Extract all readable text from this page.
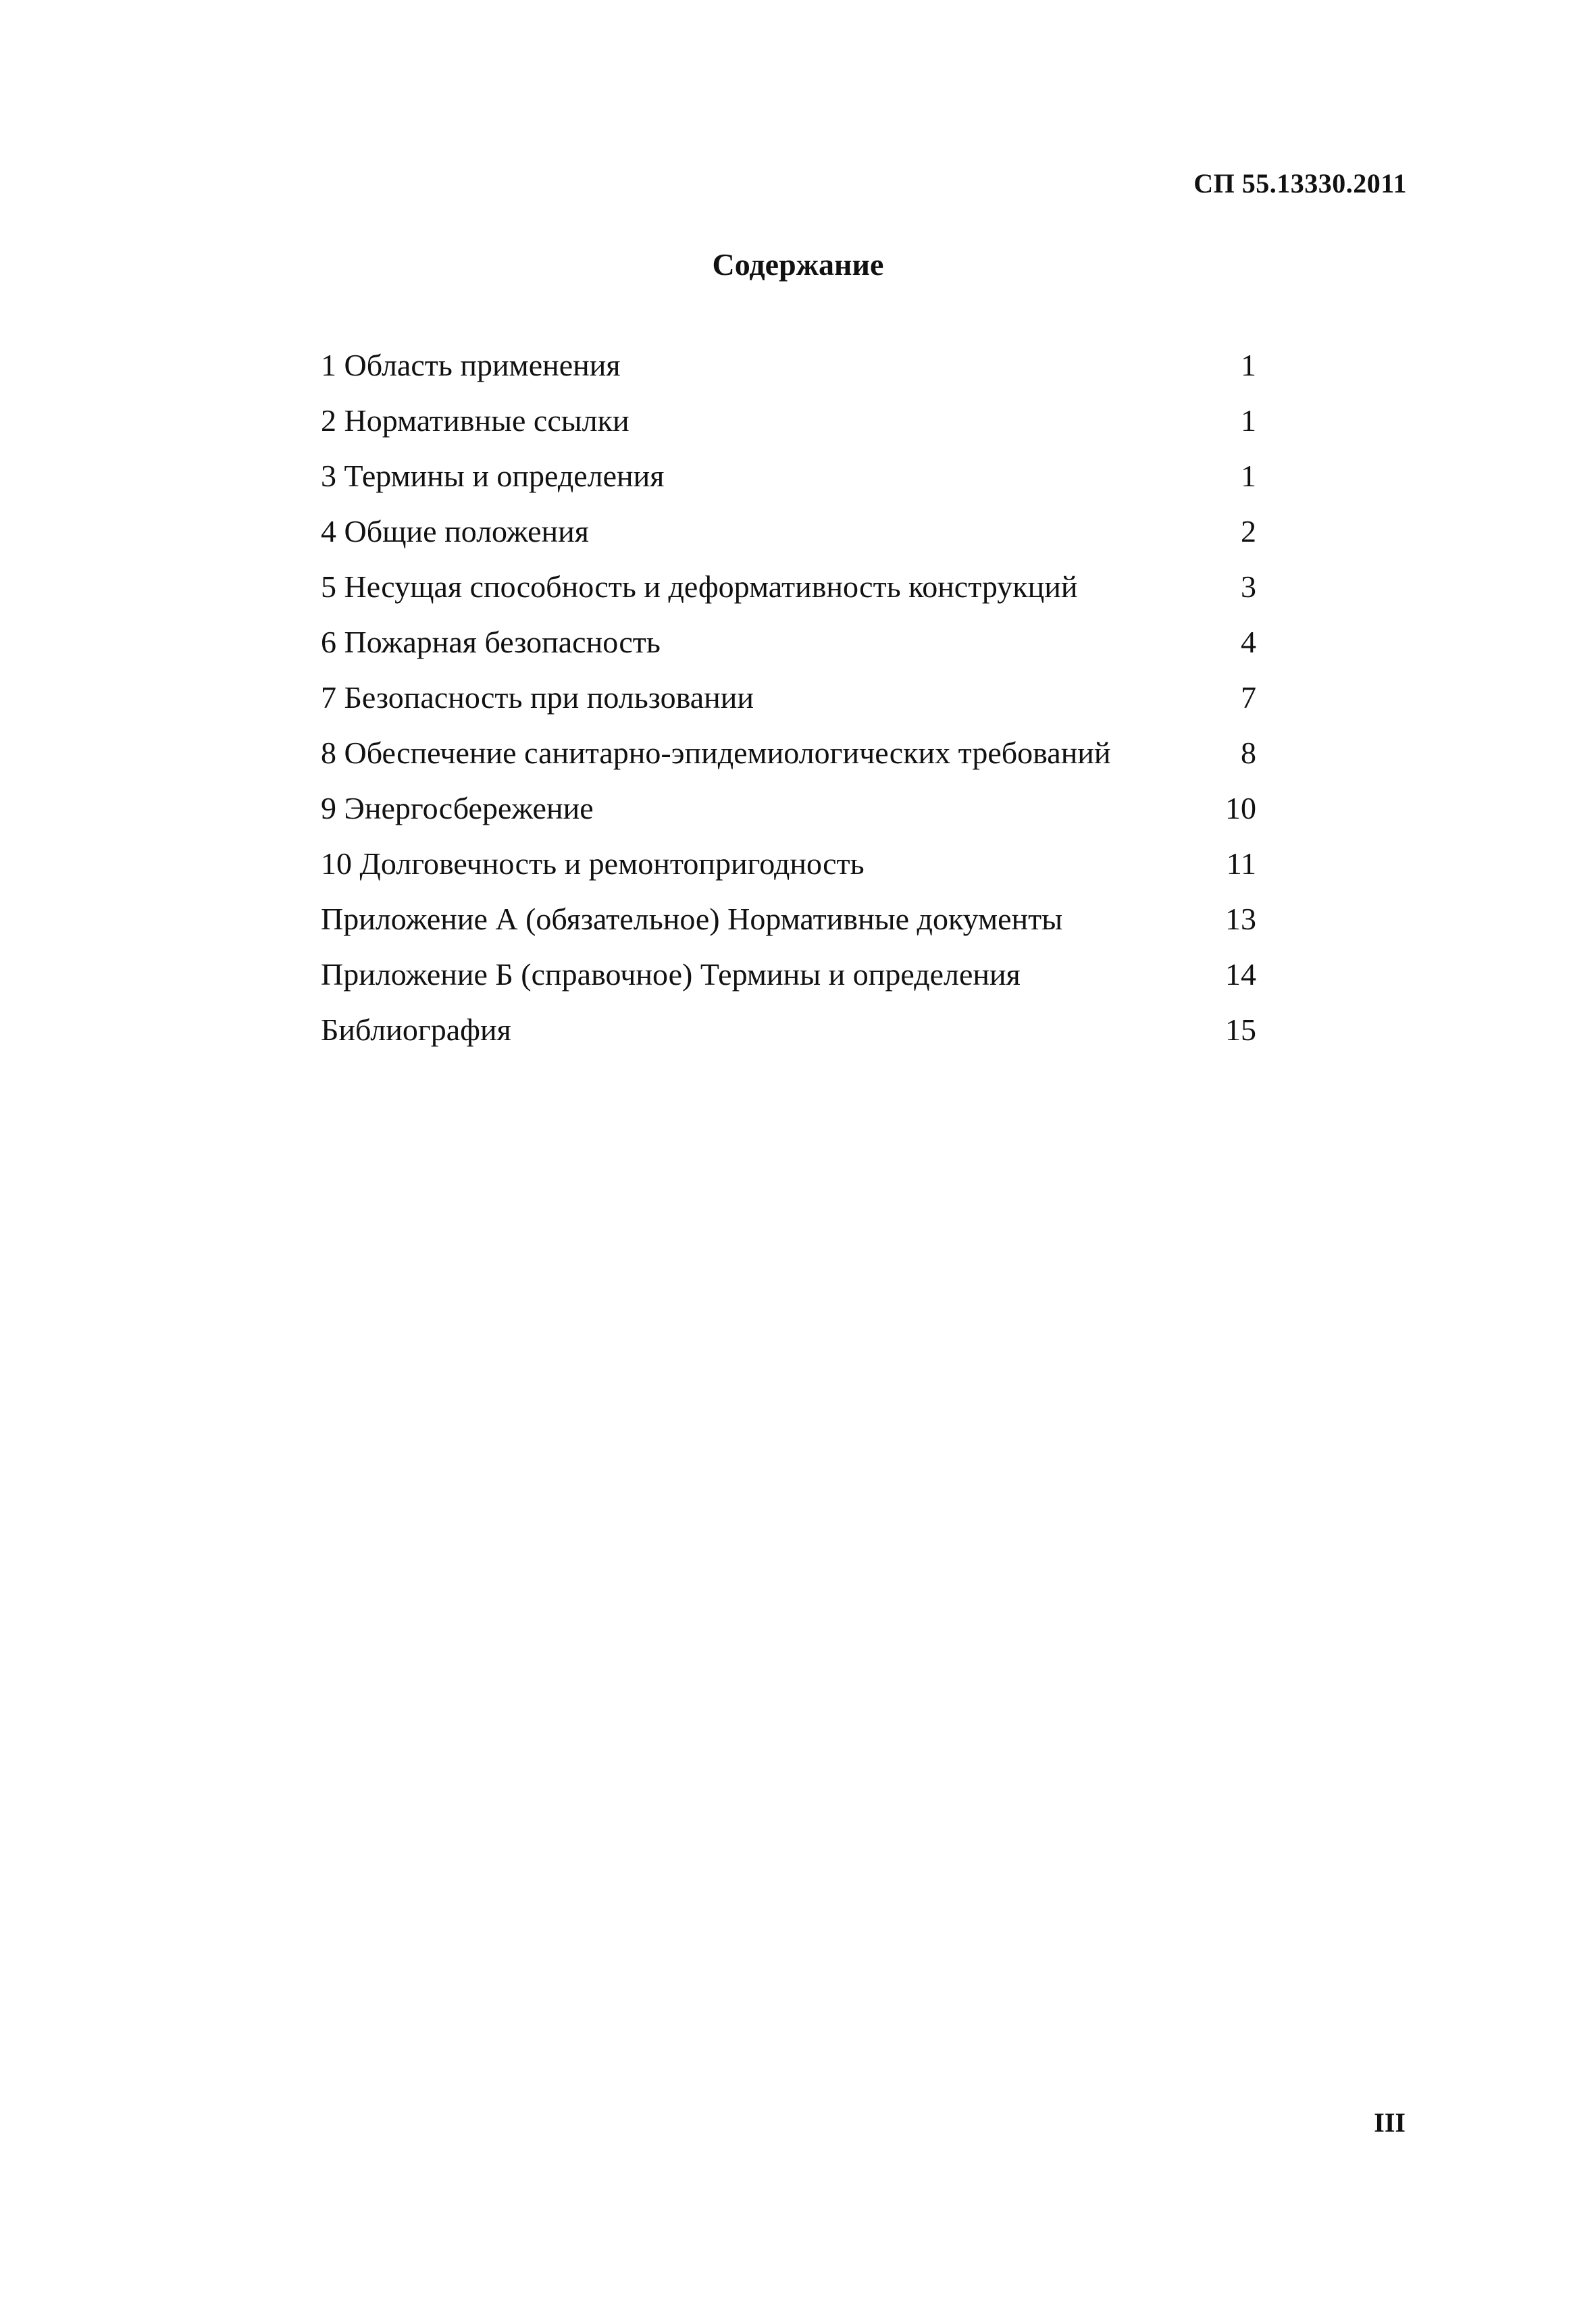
СП 55.13330.2011

Содержание
1 Область применения	1
2 Нормативные ссылки	1
3 Термины и определения	1
4 Общие положения	2
5 Несущая способность и деформативность конструкций	3
6 Пожарная безопасность	4
7 Безопасность при пользовании	7
8 Обеспечение санитарно-эпидемиологических требований	8
9 Энергосбережение	10
10 Долговечность и ремонтопригодность	11
Приложение А (обязательное) Нормативные документы	13
Приложение Б (справочное) Термины и определения	14
Библиография	15

III
